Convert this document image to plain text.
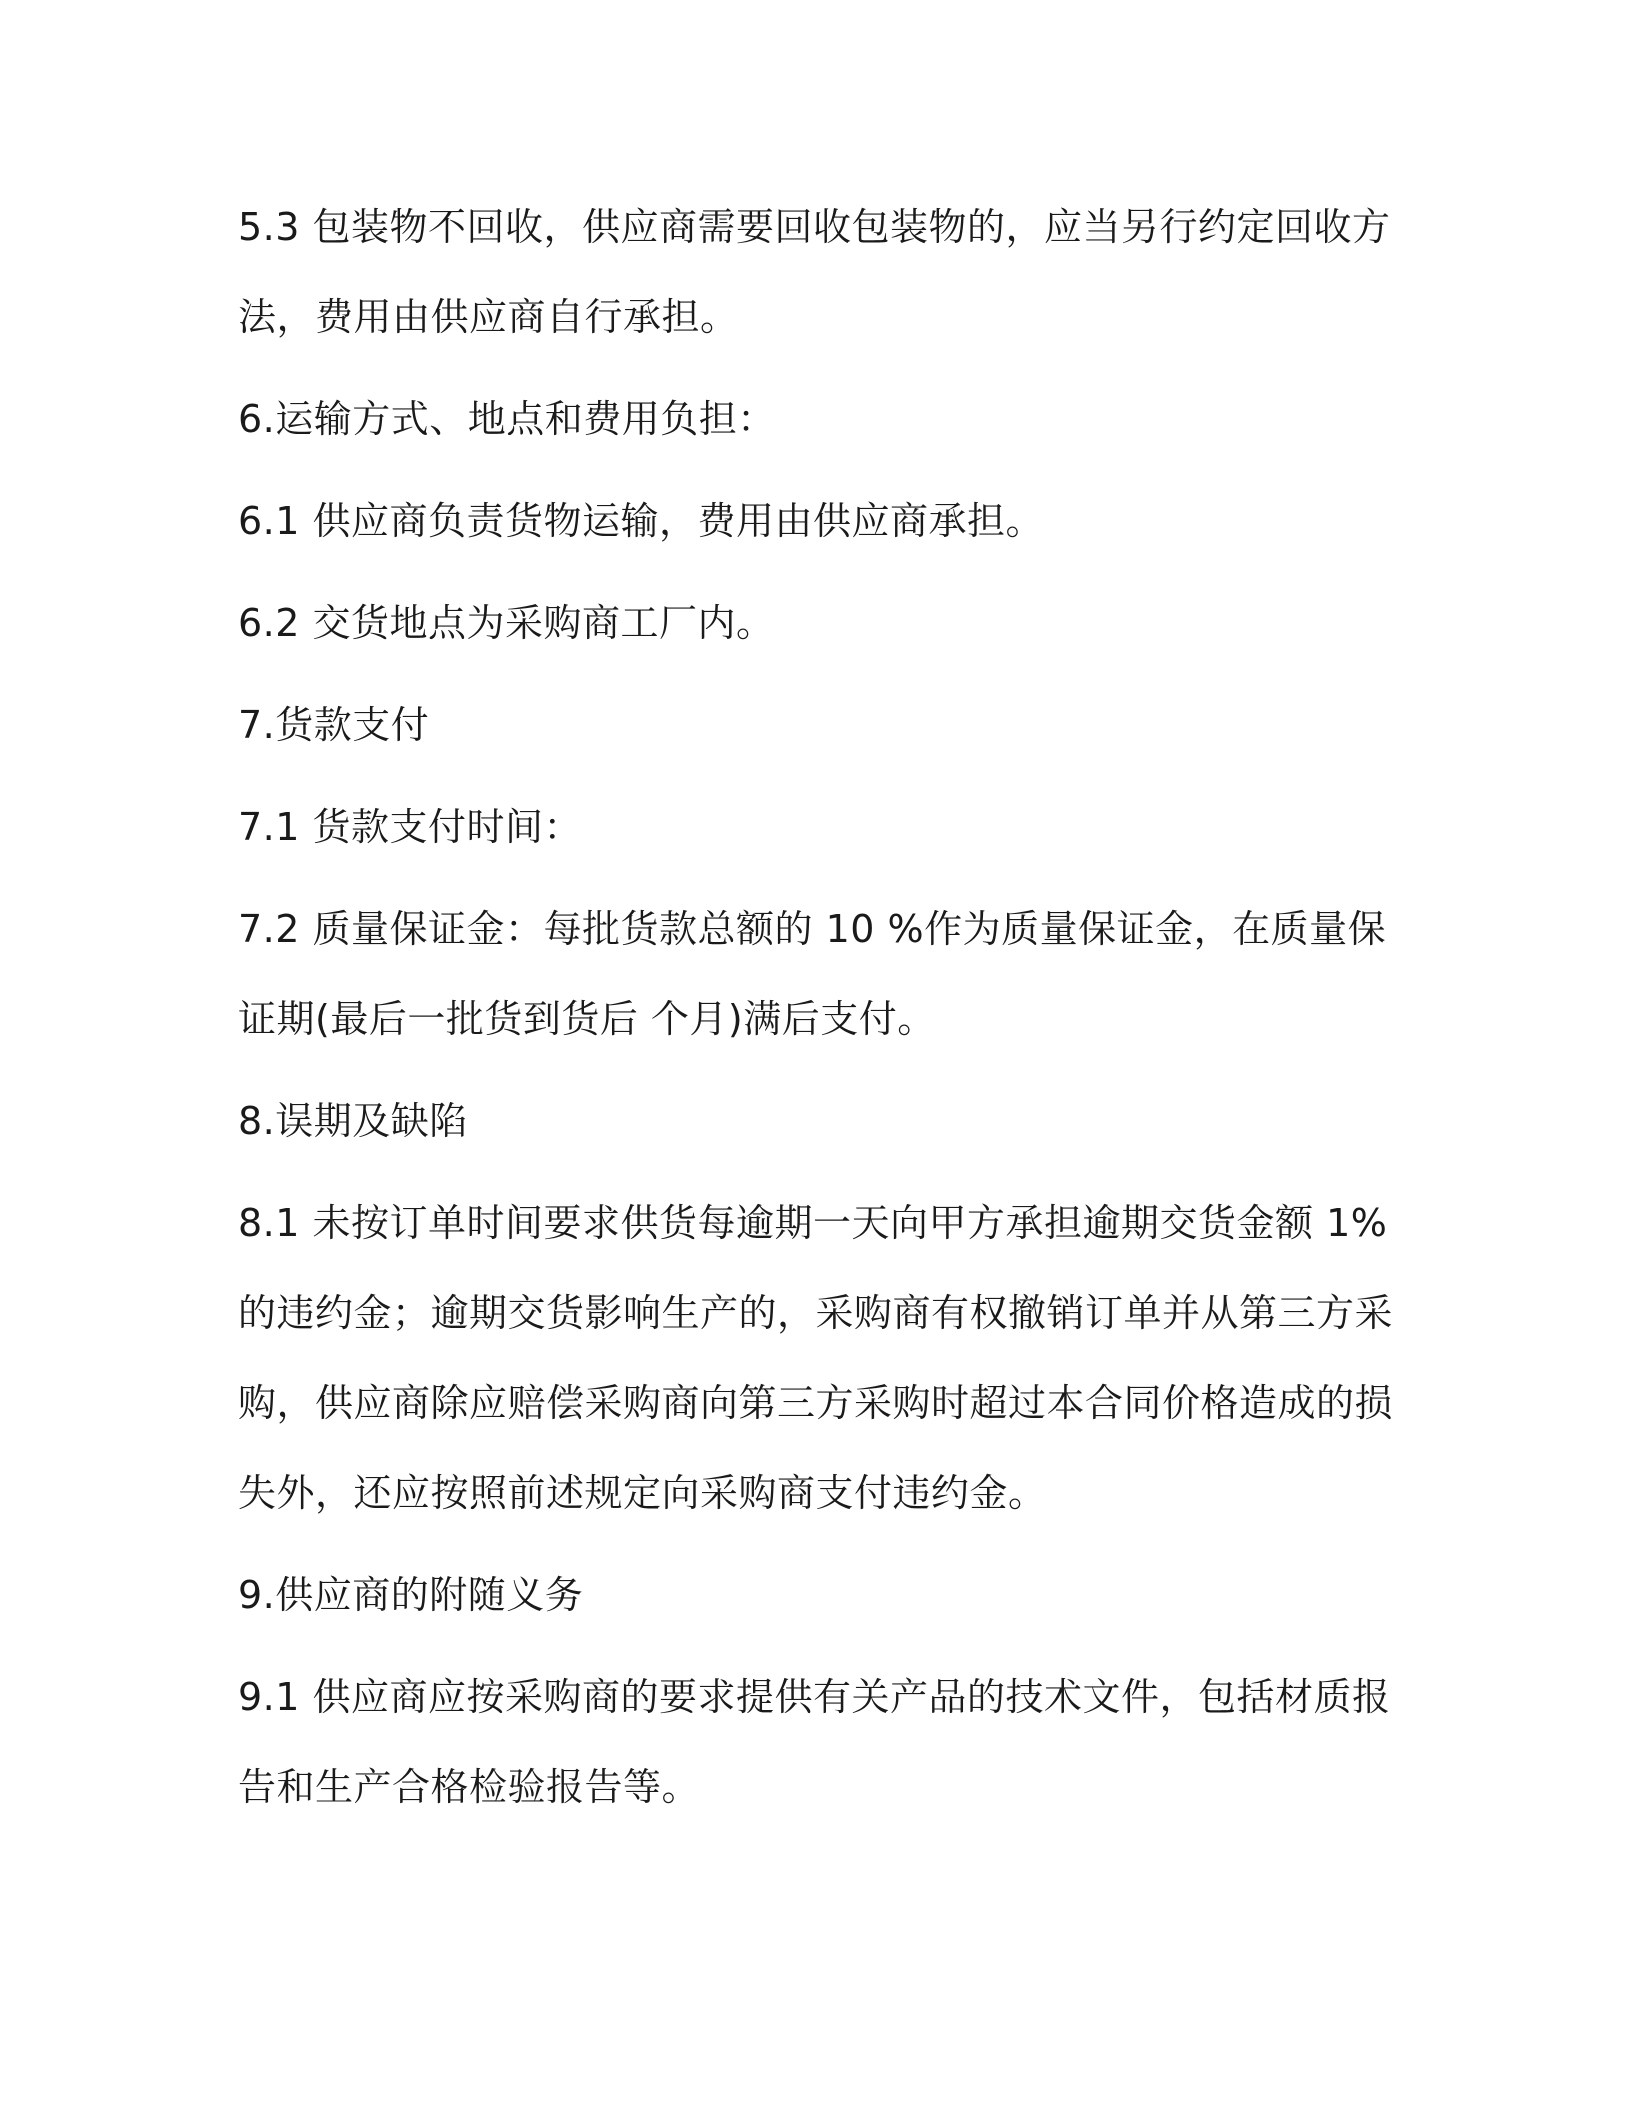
5.3 包装物不回收，供应商需要回收包装物的，应当另行约定回收方法，费用由供应商自行承担。

6.运输方式、地点和费用负担：

6.1 供应商负责货物运输，费用由供应商承担。

6.2 交货地点为采购商工厂内。

7.货款支付

7.1 货款支付时间：

7.2 质量保证金：每批货款总额的 10 %作为质量保证金，在质量保证期(最后一批货到货后 个月)满后支付。

8.误期及缺陷

8.1 未按订单时间要求供货每逾期一天向甲方承担逾期交货金额 1%的违约金；逾期交货影响生产的，采购商有权撤销订单并从第三方采购，供应商除应赔偿采购商向第三方采购时超过本合同价格造成的损失外，还应按照前述规定向采购商支付违约金。

9.供应商的附随义务

9.1 供应商应按采购商的要求提供有关产品的技术文件，包括材质报告和生产合格检验报告等。
